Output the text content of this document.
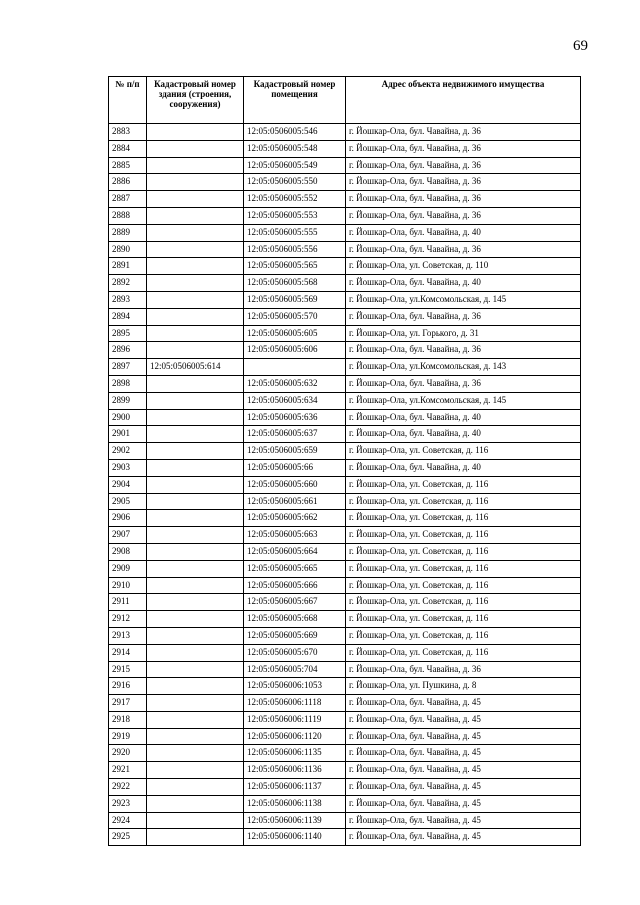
69
№ п/п	Кадастровый номер здания (строения, сооружения)	Кадастровый номер помещения	Адрес объекта недвижимого имущества
2883		12:05:0506005:546	г. Йошкар-Ола, бул. Чавайна, д. 36
2884		12:05:0506005:548	г. Йошкар-Ола, бул. Чавайна, д. 36
2885		12:05:0506005:549	г. Йошкар-Ола, бул. Чавайна, д. 36
2886		12:05:0506005:550	г. Йошкар-Ола, бул. Чавайна, д. 36
2887		12:05:0506005:552	г. Йошкар-Ола, бул. Чавайна, д. 36
2888		12:05:0506005:553	г. Йошкар-Ола, бул. Чавайна, д. 36
2889		12:05:0506005:555	г. Йошкар-Ола, бул. Чавайна, д. 40
2890		12:05:0506005:556	г. Йошкар-Ола, бул. Чавайна, д. 36
2891		12:05:0506005:565	г. Йошкар-Ола, ул. Советская, д. 110
2892		12:05:0506005:568	г. Йошкар-Ола, бул. Чавайна, д. 40
2893		12:05:0506005:569	г. Йошкар-Ола, ул.Комсомольская, д. 145
2894		12:05:0506005:570	г. Йошкар-Ола, бул. Чавайна, д. 36
2895		12:05:0506005:605	г. Йошкар-Ола, ул. Горького, д. 31
2896		12:05:0506005:606	г. Йошкар-Ола, бул. Чавайна, д. 36
2897	12:05:0506005:614		г. Йошкар-Ола, ул.Комсомольская, д. 143
2898		12:05:0506005:632	г. Йошкар-Ола, бул. Чавайна, д. 36
2899		12:05:0506005:634	г. Йошкар-Ола, ул.Комсомольская, д. 145
2900		12:05:0506005:636	г. Йошкар-Ола, бул. Чавайна, д. 40
2901		12:05:0506005:637	г. Йошкар-Ола, бул. Чавайна, д. 40
2902		12:05:0506005:659	г. Йошкар-Ола, ул. Советская, д. 116
2903		12:05:0506005:66	г. Йошкар-Ола, бул. Чавайна, д. 40
2904		12:05:0506005:660	г. Йошкар-Ола, ул. Советская, д. 116
2905		12:05:0506005:661	г. Йошкар-Ола, ул. Советская, д. 116
2906		12:05:0506005:662	г. Йошкар-Ола, ул. Советская, д. 116
2907		12:05:0506005:663	г. Йошкар-Ола, ул. Советская, д. 116
2908		12:05:0506005:664	г. Йошкар-Ола, ул. Советская, д. 116
2909		12:05:0506005:665	г. Йошкар-Ола, ул. Советская, д. 116
2910		12:05:0506005:666	г. Йошкар-Ола, ул. Советская, д. 116
2911		12:05:0506005:667	г. Йошкар-Ола, ул. Советская, д. 116
2912		12:05:0506005:668	г. Йошкар-Ола, ул. Советская, д. 116
2913		12:05:0506005:669	г. Йошкар-Ола, ул. Советская, д. 116
2914		12:05:0506005:670	г. Йошкар-Ола, ул. Советская, д. 116
2915		12:05:0506005:704	г. Йошкар-Ола, бул. Чавайна, д. 36
2916		12:05:0506006:1053	г. Йошкар-Ола, ул. Пушкина, д. 8
2917		12:05:0506006:1118	г. Йошкар-Ола, бул. Чавайна, д. 45
2918		12:05:0506006:1119	г. Йошкар-Ола, бул. Чавайна, д. 45
2919		12:05:0506006:1120	г. Йошкар-Ола, бул. Чавайна, д. 45
2920		12:05:0506006:1135	г. Йошкар-Ола, бул. Чавайна, д. 45
2921		12:05:0506006:1136	г. Йошкар-Ола, бул. Чавайна, д. 45
2922		12:05:0506006:1137	г. Йошкар-Ола, бул. Чавайна, д. 45
2923		12:05:0506006:1138	г. Йошкар-Ола, бул. Чавайна, д. 45
2924		12:05:0506006:1139	г. Йошкар-Ола, бул. Чавайна, д. 45
2925		12:05:0506006:1140	г. Йошкар-Ола, бул. Чавайна, д. 45
